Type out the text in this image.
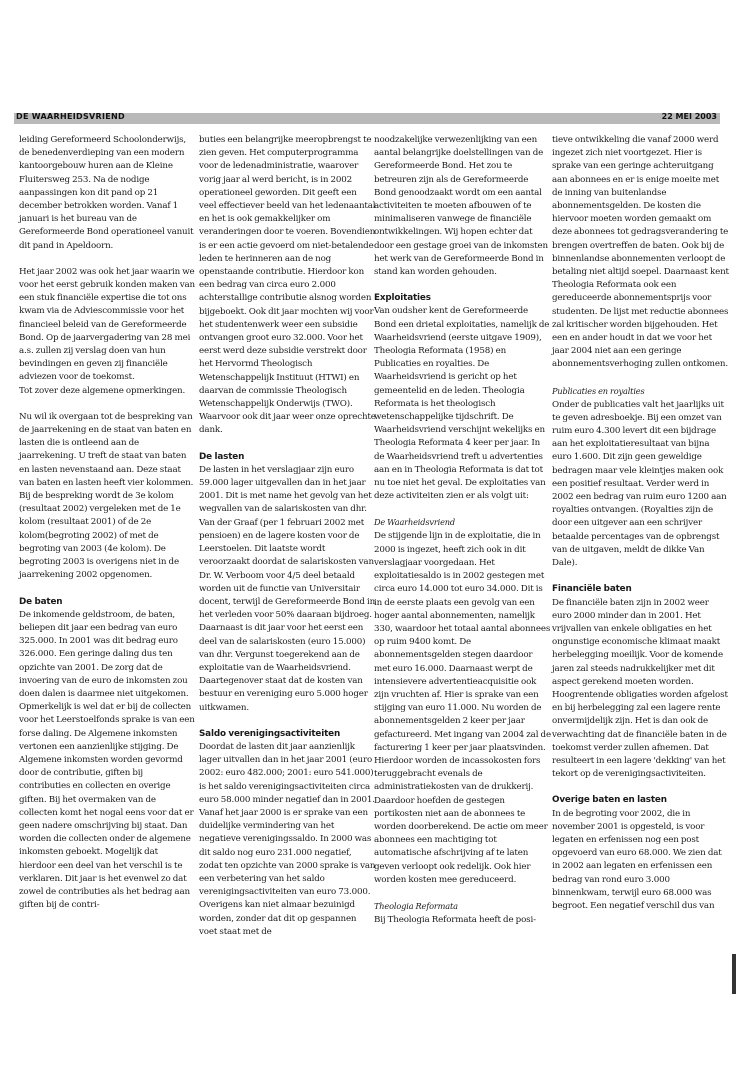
DE WAARHEIDSVRIEND	22 MEI 2003

leiding Gereformeerd Schoolonderwijs, de benedenverdieping van een modern kantoorgebouw huren aan de Kleine Fluitersweg 253. Na de nodige aanpassingen kon dit pand op 21 december betrokken worden. Vanaf 1 januari is het bureau van de Gereformeerde Bond operationeel vanuit dit pand in Apeldoorn.

Het jaar 2002 was ook het jaar waarin we voor het eerst gebruik konden maken van een stuk financiële expertise die tot ons kwam via de Adviescommissie voor het financieel beleid van de Gereformeerde Bond. Op de jaarvergadering van 28 mei a.s. zullen zij verslag doen van hun bevindingen en geven zij financiële adviezen voor de toekomst.

Tot zover deze algemene opmerkingen.

Nu wil ik overgaan tot de bespreking van de jaarrekening en de staat van baten en lasten die is ontleend aan de jaarrekening. U treft de staat van baten en lasten nevenstaand aan. Deze staat van baten en lasten heeft vier kolommen. Bij de bespreking wordt de 3e kolom (resultaat 2002) vergeleken met de 1e kolom (resultaat 2001) of de 2e kolom(begroting 2002) of met de begroting van 2003 (4e kolom). De begroting 2003 is overigens niet in de jaarrekening 2002 opgenomen.

De baten

De inkomende geldstroom, de baten, beliepen dit jaar een bedrag van euro 325.000. In 2001 was dit bedrag euro 326.000. Een geringe daling dus ten opzichte van 2001. De zorg dat de invoering van de euro de inkomsten zou doen dalen is daarmee niet uitgekomen. Opmerkelijk is wel dat er bij de collecten voor het Leerstoelfonds sprake is van een forse daling. De Algemene inkomsten vertonen een aanzienlijke stijging. De Algemene inkomsten worden gevormd door de contributie, giften bij contributies en collecten en overige giften. Bij het overmaken van de collecten komt het nogal eens voor dat er geen nadere omschrijving bij staat. Dan worden die collecten onder de algemene inkomsten geboekt. Mogelijk dat hierdoor een deel van het verschil is te verklaren. Dit jaar is het evenwel zo dat zowel de contributies als het bedrag aan giften bij de contri-

buties een belangrijke meeropbrengst te zien geven. Het computerprogramma voor de ledenadministratie, waarover vorig jaar al werd bericht, is in 2002 operationeel geworden. Dit geeft een veel effectiever beeld van het ledenaantal en het is ook gemakkelijker om veranderingen door te voeren. Bovendien is er een actie gevoerd om niet-betalende leden te herinneren aan de nog openstaande contributie. Hierdoor kon een bedrag van circa euro 2.000 achterstallige contributie alsnog worden bijgeboekt. Ook dit jaar mochten wij voor het studentenwerk weer een subsidie ontvangen groot euro 32.000. Voor het eerst werd deze subsidie verstrekt door het Hervormd Theologisch Wetenschappelijk Instituut (HTWI) en daarvan de commissie Theologisch Wetenschappelijk Onderwijs (TWO). Waarvoor ook dit jaar weer onze oprechte dank.

De lasten

De lasten in het verslagjaar zijn euro 59.000 lager uitgevallen dan in het jaar 2001. Dit is met name het gevolg van het wegvallen van de salariskosten van dhr. Van der Graaf (per 1 februari 2002 met pensioen) en de lagere kosten voor de Leerstoelen. Dit laatste wordt veroorzaakt doordat de salariskosten van Dr. W. Verboom voor 4/5 deel betaald worden uit de functie van Universitair docent, terwijl de Gereformeerde Bond in het verleden voor 50% daaraan bijdroeg. Daarnaast is dit jaar voor het eerst een deel van de salariskosten (euro 15.000) van dhr. Vergunst toegerekend aan de exploitatie van de Waarheidsvriend. Daartegenover staat dat de kosten van bestuur en vereniging euro 5.000 hoger uitkwamen.

Saldo verenigingsactiviteiten

Doordat de lasten dit jaar aanzienlijk lager uitvallen dan in het jaar 2001 (euro 2002: euro 482.000; 2001: euro 541.000) is het saldo verenigingsactiviteiten circa euro 58.000 minder negatief dan in 2001. Vanaf het jaar 2000 is er sprake van een duidelijke vermindering van het negatieve verenigingssaldo. In 2000 was dit saldo nog euro 231.000 negatief, zodat ten opzichte van 2000 sprake is van een verbetering van het saldo verenigingsactiviteiten van euro 73.000. Overigens kan niet almaar bezuinigd worden, zonder dat dit op gespannen voet staat met de

noodzakelijke verwezenlijking van een aantal belangrijke doelstellingen van de Gereformeerde Bond. Het zou te betreuren zijn als de Gereformeerde Bond genoodzaakt wordt om een aantal activiteiten te moeten afbouwen of te minimaliseren vanwege de financiële ontwikkelingen. Wij hopen echter dat door een gestage groei van de inkomsten het werk van de Gereformeerde Bond in stand kan worden gehouden.

Exploitaties

Van oudsher kent de Gereformeerde Bond een drietal exploitaties, namelijk de Waarheidsvriend (eerste uitgave 1909), Theologia Reformata (1958) en Publicaties en royalties. De Waarheidsvriend is gericht op het gemeentelid en de leden. Theologia Reformata is het theologisch wetenschappelijke tijdschrift. De Waarheidsvriend verschijnt wekelijks en Theologia Reformata 4 keer per jaar. In de Waarheidsvriend treft u advertenties aan en in Theologia Reformata is dat tot nu toe niet het geval. De exploitaties van deze activiteiten zien er als volgt uit:

De Waarheidsvriend

De stijgende lijn in de exploitatie, die in 2000 is ingezet, heeft zich ook in dit verslagjaar voorgedaan. Het exploitatiesaldo is in 2002 gestegen met circa euro 14.000 tot euro 34.000. Dit is in de eerste plaats een gevolg van een hoger aantal abonnementen, namelijk 330, waardoor het totaal aantal abonnees op ruim 9400 komt. De abonnementsgelden stegen daardoor met euro 16.000. Daarnaast werpt de intensievere advertentieacquisitie ook zijn vruchten af. Hier is sprake van een stijging van euro 11.000. Nu worden de abonnementsgelden 2 keer per jaar gefactureerd. Met ingang van 2004 zal de facturering 1 keer per jaar plaatsvinden. Hierdoor worden de incassokosten fors teruggebracht evenals de administratiekosten van de drukkerij. Daardoor hoefden de gestegen portikosten niet aan de abonnees te worden doorberekend. De actie om meer abonnees een machtiging tot automatische afschrijving af te laten geven verloopt ook redelijk. Ook hier worden kosten mee gereduceerd.

Theologia Reformata

Bij Theologia Reformata heeft de posi-

tieve ontwikkeling die vanaf 2000 werd ingezet zich niet voortgezet. Hier is sprake van een geringe achteruitgang aan abonnees en er is enige moeite met de inning van buitenlandse abonnementsgelden. De kosten die hiervoor moeten worden gemaakt om deze abonnees tot gedragsverandering te brengen overtreffen de baten. Ook bij de binnenlandse abonnementen verloopt de betaling niet altijd soepel. Daarnaast kent Theologia Reformata ook een gereduceerde abonnementsprijs voor studenten. De lijst met reductie abonnees zal kritischer worden bijgehouden. Het een en ander houdt in dat we voor het jaar 2004 niet aan een geringe abonnementsverhoging zullen ontkomen.

Publicaties en royalties

Onder de publicaties valt het jaarlijks uit te geven adresboekje. Bij een omzet van ruim euro 4.300 levert dit een bijdrage aan het exploitatieresultaat van bijna euro 1.600. Dit zijn geen geweldige bedragen maar vele kleintjes maken ook een positief resultaat. Verder werd in 2002 een bedrag van ruim euro 1200 aan royalties ontvangen. (Royalties zijn de door een uitgever aan een schrijver betaalde percentages van de opbrengst van de uitgaven, meldt de dikke Van Dale).

Financiële baten

De financiële baten zijn in 2002 weer euro 2000 minder dan in 2001. Het vrijvallen van enkele obligaties en het ongunstige economische klimaat maakt herbelegging moeilijk. Voor de komende jaren zal steeds nadrukkelijker met dit aspect gerekend moeten worden. Hoogrentende obligaties worden afgelost en bij herbelegging zal een lagere rente onvermijdelijk zijn. Het is dan ook de verwachting dat de financiële baten in de toekomst verder zullen afnemen. Dat resulteert in een lagere 'dekking' van het tekort op de verenigingsactiviteiten.

Overige baten en lasten

In de begroting voor 2002, die in november 2001 is opgesteld, is voor legaten en erfenissen nog een post opgevoerd van euro 68.000. We zien dat in 2002 aan legaten en erfenissen een bedrag van rond euro 3.000 binnenkwam, terwijl euro 68.000 was begroot. Een negatief verschil dus van
